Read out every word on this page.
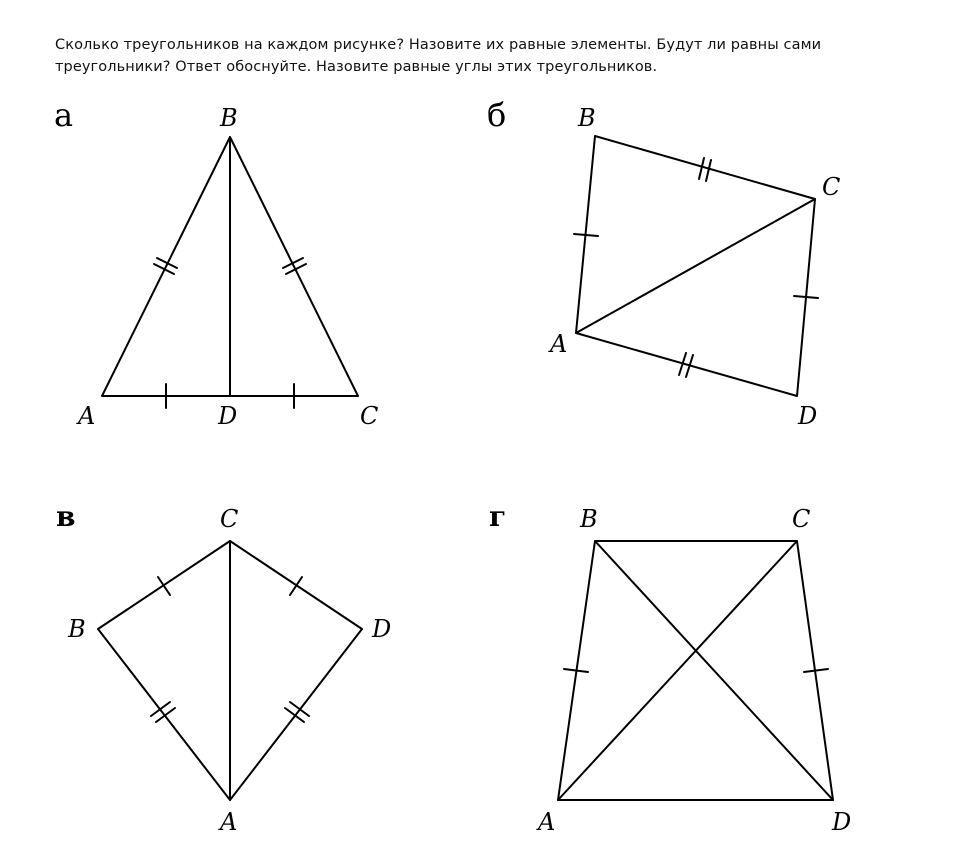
Сколько треугольников на каждом рисунке? Назовите их равные элементы. Будут ли равны сами треугольники? Ответ обоснуйте. Назовите равные углы этих треугольников.
а	б
в	г
A
B
C
D
B
C
A
D
C
B	D
A
B	C
A	D
